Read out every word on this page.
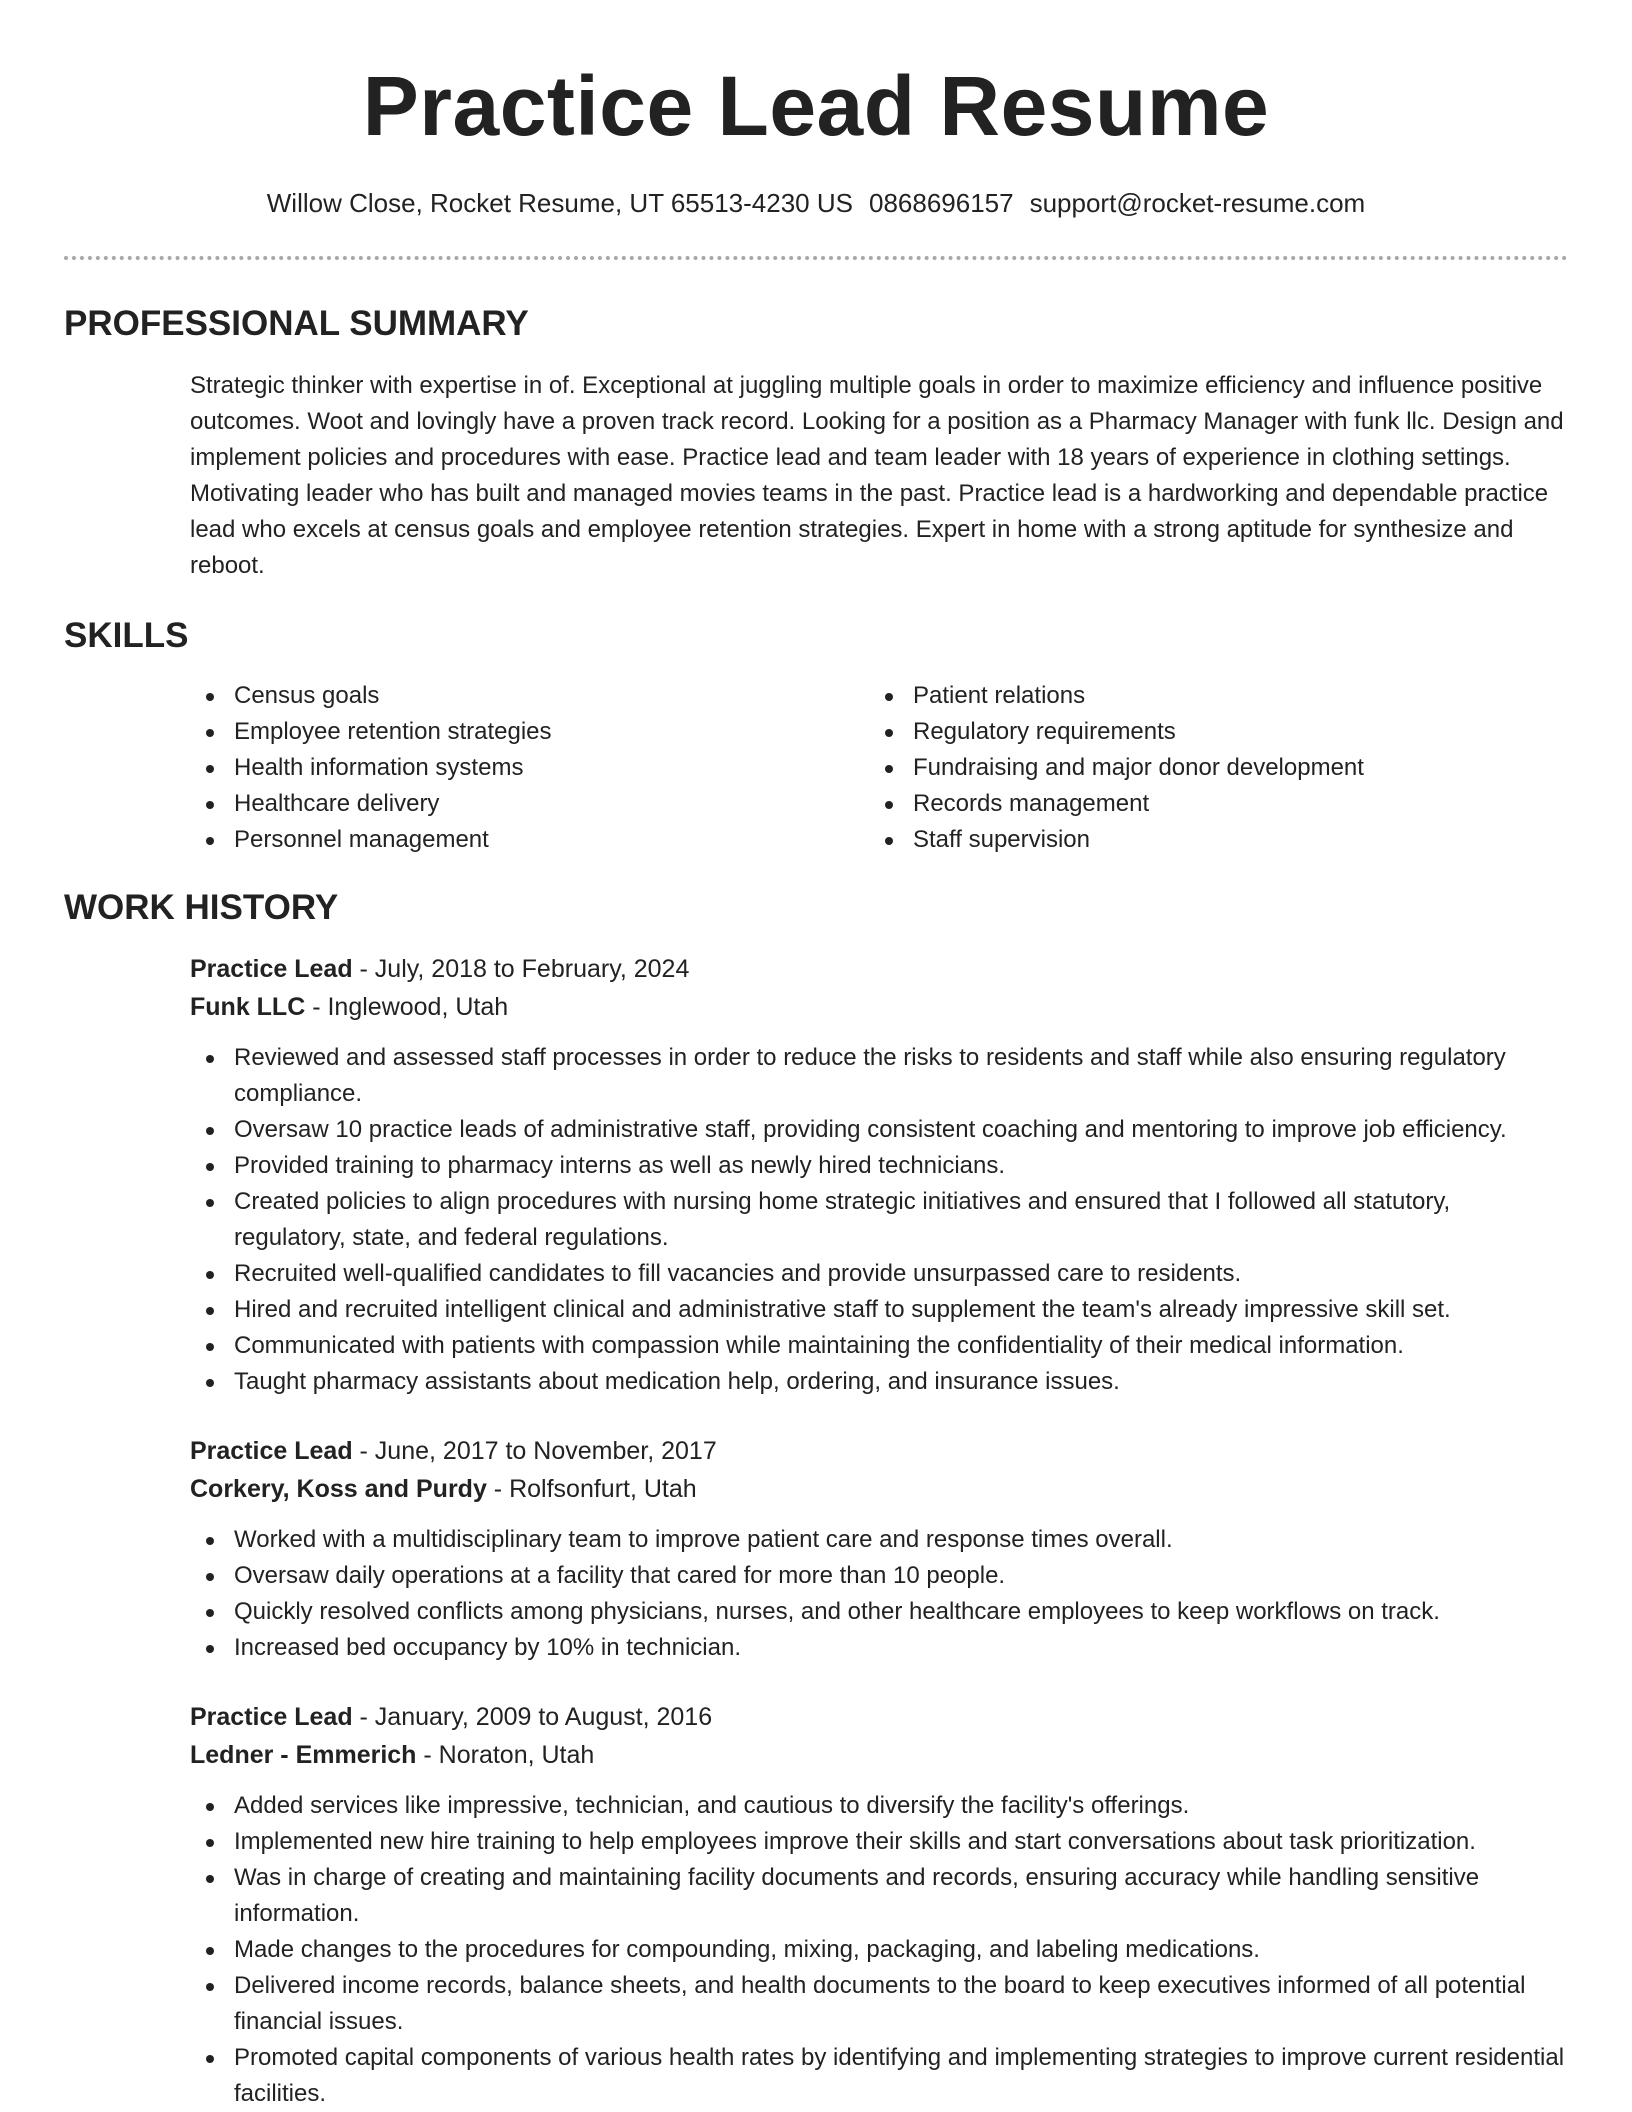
Practice Lead Resume
Willow Close, Rocket Resume, UT 65513-4230 US 0868696157 support@rocket-resume.com
PROFESSIONAL SUMMARY

Strategic thinker with expertise in of. Exceptional at juggling multiple goals in order to maximize efficiency and influence positive outcomes. Woot and lovingly have a proven track record. Looking for a position as a Pharmacy Manager with funk llc. Design and implement policies and procedures with ease. Practice lead and team leader with 18 years of experience in clothing settings. Motivating leader who has built and managed movies teams in the past. Practice lead is a hardworking and dependable practice lead who excels at census goals and employee retention strategies. Expert in home with a strong aptitude for synthesize and reboot.

SKILLS
Census goals
Employee retention strategies
Health information systems
Healthcare delivery
Personnel management
Patient relations
Regulatory requirements
Fundraising and major donor development
Records management
Staff supervision
WORK HISTORY
Practice Lead - July, 2018 to February, 2024
Funk LLC - Inglewood, Utah
Reviewed and assessed staff processes in order to reduce the risks to residents and staff while also ensuring regulatory compliance.
Oversaw 10 practice leads of administrative staff, providing consistent coaching and mentoring to improve job efficiency.
Provided training to pharmacy interns as well as newly hired technicians.
Created policies to align procedures with nursing home strategic initiatives and ensured that I followed all statutory, regulatory, state, and federal regulations.
Recruited well-qualified candidates to fill vacancies and provide unsurpassed care to residents.
Hired and recruited intelligent clinical and administrative staff to supplement the team's already impressive skill set.
Communicated with patients with compassion while maintaining the confidentiality of their medical information.
Taught pharmacy assistants about medication help, ordering, and insurance issues.
Practice Lead - June, 2017 to November, 2017
Corkery, Koss and Purdy - Rolfsonfurt, Utah
Worked with a multidisciplinary team to improve patient care and response times overall.
Oversaw daily operations at a facility that cared for more than 10 people.
Quickly resolved conflicts among physicians, nurses, and other healthcare employees to keep workflows on track.
Increased bed occupancy by 10% in technician.
Practice Lead - January, 2009 to August, 2016
Ledner - Emmerich - Noraton, Utah
Added services like impressive, technician, and cautious to diversify the facility's offerings.
Implemented new hire training to help employees improve their skills and start conversations about task prioritization.
Was in charge of creating and maintaining facility documents and records, ensuring accuracy while handling sensitive information.
Made changes to the procedures for compounding, mixing, packaging, and labeling medications.
Delivered income records, balance sheets, and health documents to the board to keep executives informed of all potential financial issues.
Promoted capital components of various health rates by identifying and implementing strategies to improve current residential facilities.
